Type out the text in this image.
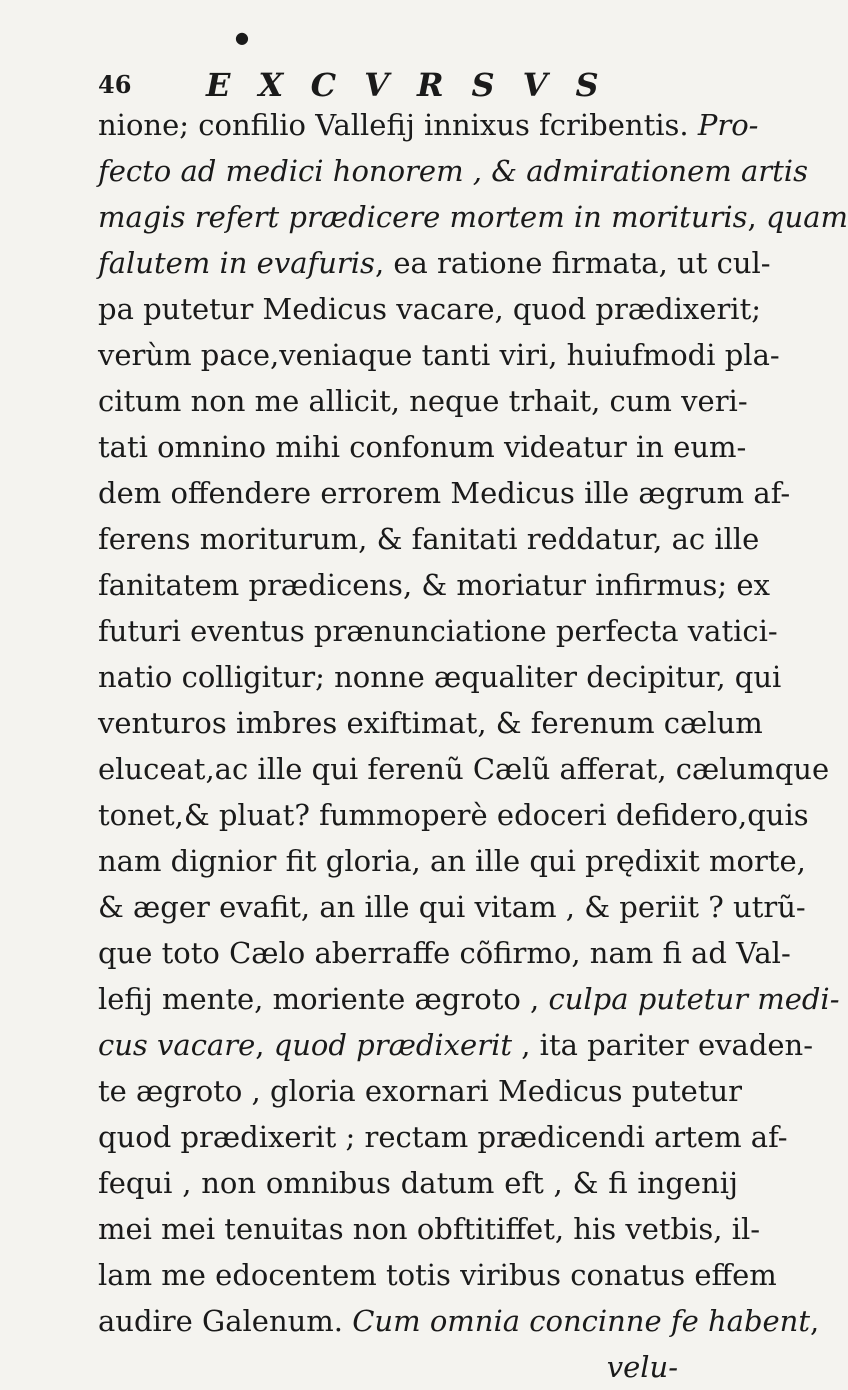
●
46 EXCVRSVS
nione; confilio Vallefij innixus fcribentis. Pro-
fecto ad medici honorem , & admirationem artis
magis refert prædicere mortem in morituris, quam
falutem in evafuris, ea ratione firmata, ut cul-
pa putetur Medicus vacare, quod prædixerit;
verùm pace,veniaque tanti viri, huiufmodi pla-
citum non me allicit, neque trhait, cum veri-
tati omnino mihi confonum videatur in eum-
dem offendere errorem Medicus ille ægrum af-
ferens moriturum, & fanitati reddatur, ac ille
fanitatem prædicens, & moriatur infirmus; ex
futuri eventus prænunciatione perfecta vatici-
natio colligitur; nonne æqualiter decipitur, qui
venturos imbres exiftimat, & ferenum cælum
eluceat,ac ille qui ferenũ Cælũ afferat, cælumque
tonet,& pluat? fummoperè edoceri defidero,quis
nam dignior fit gloria, an ille qui prędixit morte,
& æger evafit, an ille qui vitam , & periit ? utrũ-
que toto Cælo aberraffe cõfirmo, nam fi ad Val-
lefij mente, moriente ægroto , culpa putetur medi-
cus vacare, quod prædixerit , ita pariter evaden-
te ægroto , gloria exornari Medicus putetur
quod prædixerit ; rectam prædicendi artem af-
fequi , non omnibus datum eft , & fi ingenij
mei mei tenuitas non obftitiffet, his vetbis, il-
lam me edocentem totis viribus conatus effem
audire Galenum. Cum omnia concinne fe habent,
velu-
